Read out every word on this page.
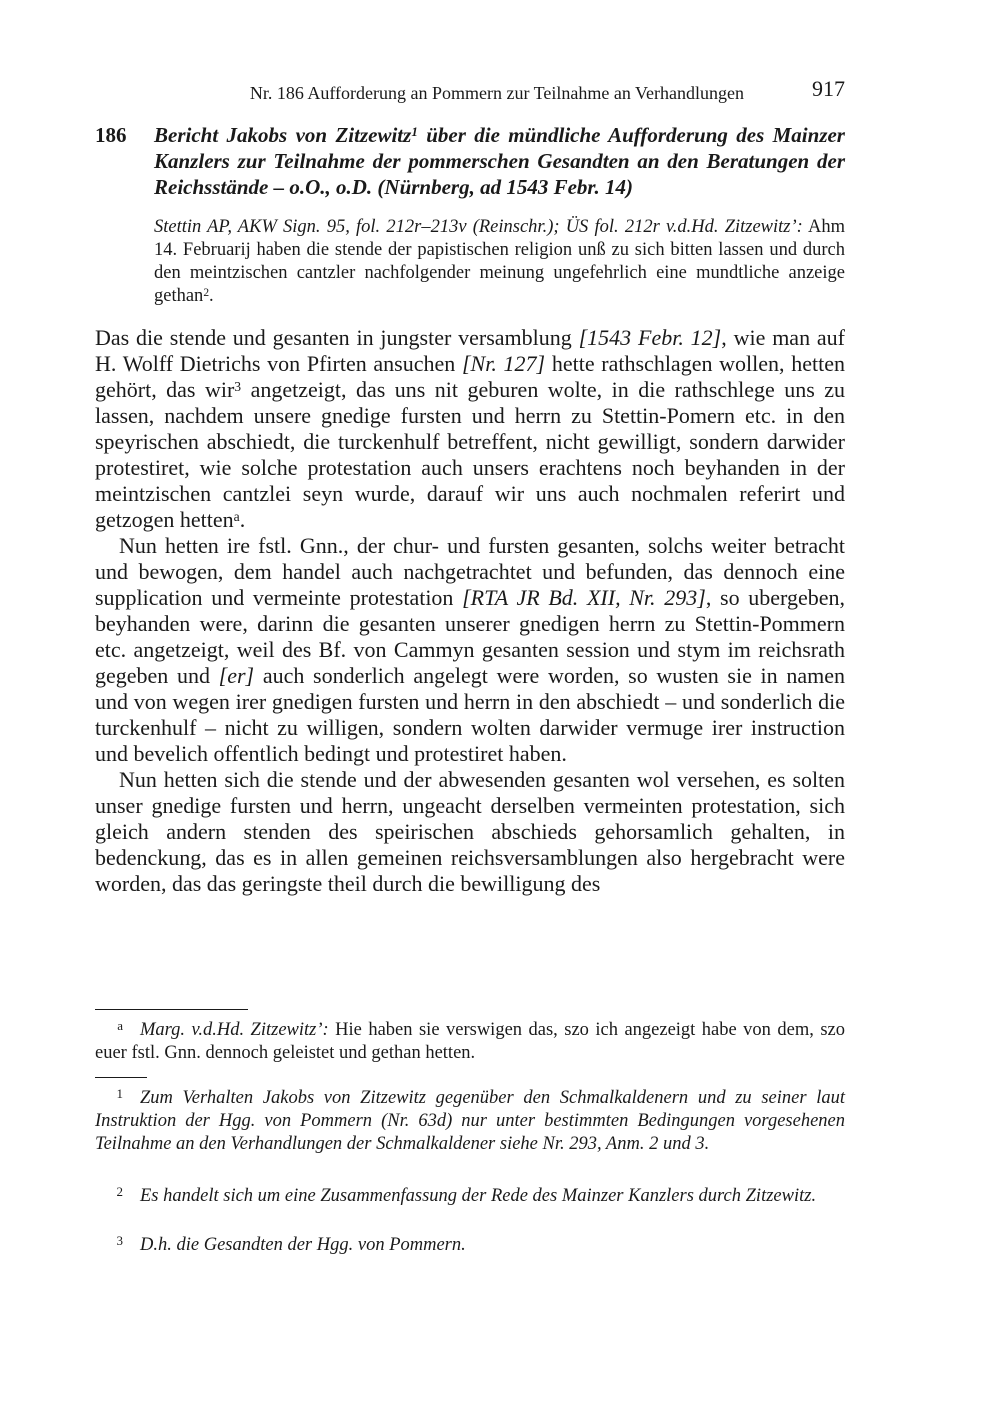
Nr. 186 Aufforderung an Pommern zur Teilnahme an Verhandlungen	917
186 Bericht Jakobs von Zitzewitz$^1$ über die mündliche Aufforderung des Mainzer Kanzlers zur Teilnahme der pommerschen Gesandten an den Beratungen der Reichsstände – o.O., o.D. (Nürnberg, ad 1543 Febr. 14)
Stettin AP, AKW Sign. 95, fol. 212r–213v (Reinschr.); ÜS fol. 212r v.d.Hd. Zitzewitz’: Ahm 14. Februarij haben die stende der papistischen religion unß zu sich bitten lassen und durch den meintzischen cantzler nachfolgender meinung ungefehrlich eine mundtliche anzeige gethan$^2$.

Das die stende und gesanten in jungster versamblung [1543 Febr. 12], wie man auf H. Wolff Dietrichs von Pfirten ansuchen [Nr. 127] hette rathschlagen wollen, hetten gehört, das wir$^3$ angetzeigt, das uns nit geburen wolte, in die rathschlege uns zu lassen, nachdem unsere gnedige fursten und herrn zu Stettin-Pomern etc. in den speyrischen abschiedt, die turckenhulf betreffent, nicht gewilligt, sondern darwider protestiret, wie solche protestation auch unsers erachtens noch beyhanden in der meintzischen cantzlei seyn wurde, darauf wir uns auch nochmalen referirt und getzogen hetten$^a$.

Nun hetten ire fstl. Gnn., der chur- und fursten gesanten, solchs weiter betracht und bewogen, dem handel auch nachgetrachtet und befunden, das dennoch eine supplication und vermeinte protestation [RTA JR Bd. XII, Nr. 293], so ubergeben, beyhanden were, darinn die gesanten unserer gnedigen herrn zu Stettin-Pommern etc. angetzeigt, weil des Bf. von Cammyn gesanten session und stym im reichsrath gegeben und [er] auch sonderlich angelegt were worden, so wusten sie in namen und von wegen irer gnedigen fursten und herrn in den abschiedt – und sonderlich die turckenhulf – nicht zu willigen, sondern wolten darwider vermuge irer instruction und bevelich offentlich bedingt und protestiret haben.

Nun hetten sich die stende und der abwesenden gesanten wol versehen, es solten unser gnedige fursten und herrn, ungeacht derselben vermeinten protestation, sich gleich andern stenden des speirischen abschieds gehorsamlich gehalten, in bedenckung, das es in allen gemeinen reichsversamblungen also hergebracht were worden, das das geringste theil durch die bewilligung des

a Marg. v.d.Hd. Zitzewitz’: Hie haben sie verswigen das, szo ich angezeigt habe von dem, szo euer fstl. Gnn. dennoch geleistet und gethan hetten.
1 Zum Verhalten Jakobs von Zitzewitz gegenüber den Schmalkaldenern und zu seiner laut Instruktion der Hgg. von Pommern (Nr. 63d) nur unter bestimmten Bedingungen vorgesehenen Teilnahme an den Verhandlungen der Schmalkaldener siehe Nr. 293, Anm. 2 und 3.
2 Es handelt sich um eine Zusammenfassung der Rede des Mainzer Kanzlers durch Zitzewitz.
3 D.h. die Gesandten der Hgg. von Pommern.
